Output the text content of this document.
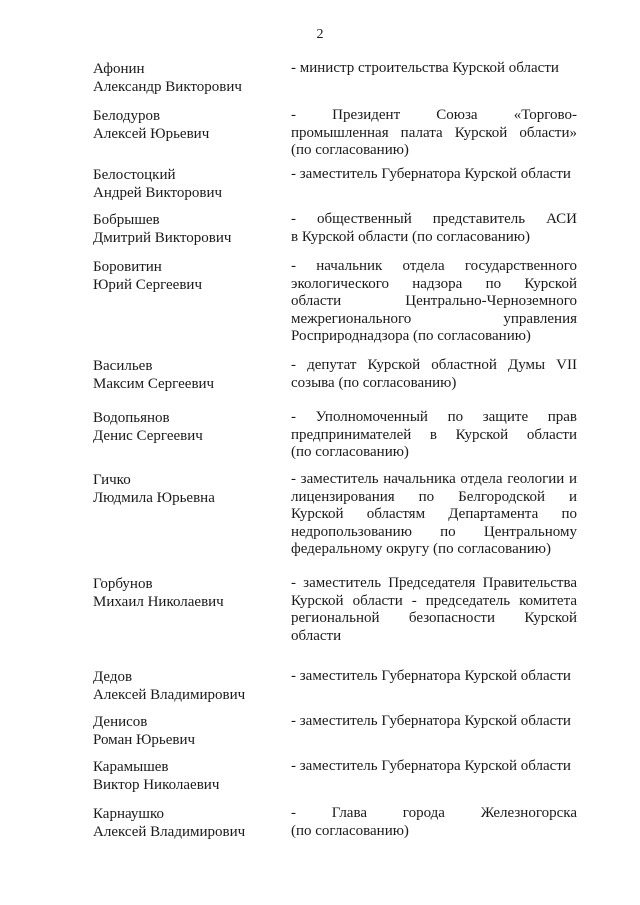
2
Афонин
Александр Викторович
- министр строительства Курской области
Белодуров
Алексей Юрьевич
- Президент Союза «Торгово-
промышленная палата Курской области»
(по согласованию)
Белостоцкий
Андрей Викторович
- заместитель Губернатора Курской области
Бобрышев
Дмитрий Викторович
- общественный представитель АСИ
в Курской области (по согласованию)
Боровитин
Юрий Сергеевич
- начальник отдела государственного
экологического надзора по Курской
области Центрально-Черноземного
межрегионального управления
Росприроднадзора (по согласованию)
Васильев
Максим Сергеевич
- депутат Курской областной Думы VII
созыва (по согласованию)
Водопьянов
Денис Сергеевич
- Уполномоченный по защите прав
предпринимателей в Курской области
(по согласованию)
Гичко
Людмила Юрьевна
- заместитель начальника отдела геологии и
лицензирования по Белгородской и
Курской областям Департамента по
недропользованию по Центральному
федеральному округу (по согласованию)
Горбунов
Михаил Николаевич
- заместитель Председателя Правительства
Курской области - председатель комитета
региональной безопасности Курской
области
Дедов
Алексей Владимирович
- заместитель Губернатора Курской области
Денисов
Роман Юрьевич
- заместитель Губернатора Курской области
Карамышев
Виктор Николаевич
- заместитель Губернатора Курской области
Карнаушко
Алексей Владимирович
- Глава города Железногорска
(по согласованию)
